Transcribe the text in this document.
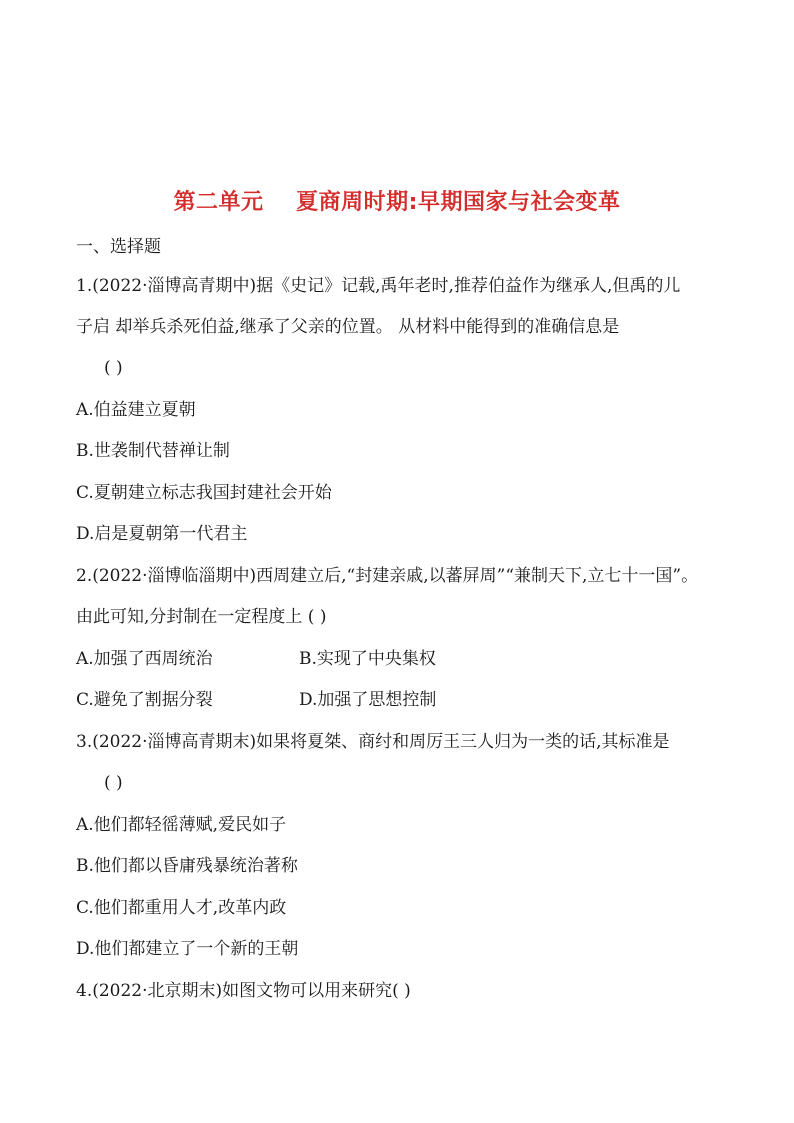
第二单元    夏商周时期:早期国家与社会变革
一、选择题
1.(2022·淄博高青期中)据《史记》记载,禹年老时,推荐伯益作为继承人,但禹的儿
子启 却举兵杀死伯益,继承了父亲的位置。 从材料中能得到的准确信息是
( )
A.伯益建立夏朝
B.世袭制代替禅让制
C.夏朝建立标志我国封建社会开始
D.启是夏朝第一代君主
2.(2022·淄博临淄期中)西周建立后,“封建亲戚,以蕃屏周”“兼制天下,立七十一国”。
由此可知,分封制在一定程度上 ( )
A.加强了西周统治	B.实现了中央集权
C.避免了割据分裂	D.加强了思想控制
3.(2022·淄博高青期末)如果将夏桀、商纣和周厉王三人归为一类的话,其标准是
( )
A.他们都轻徭薄赋,爱民如子
B.他们都以昏庸残暴统治著称
C.他们都重用人才,改革内政
D.他们都建立了一个新的王朝
4.(2022·北京期末)如图文物可以用来研究( )
